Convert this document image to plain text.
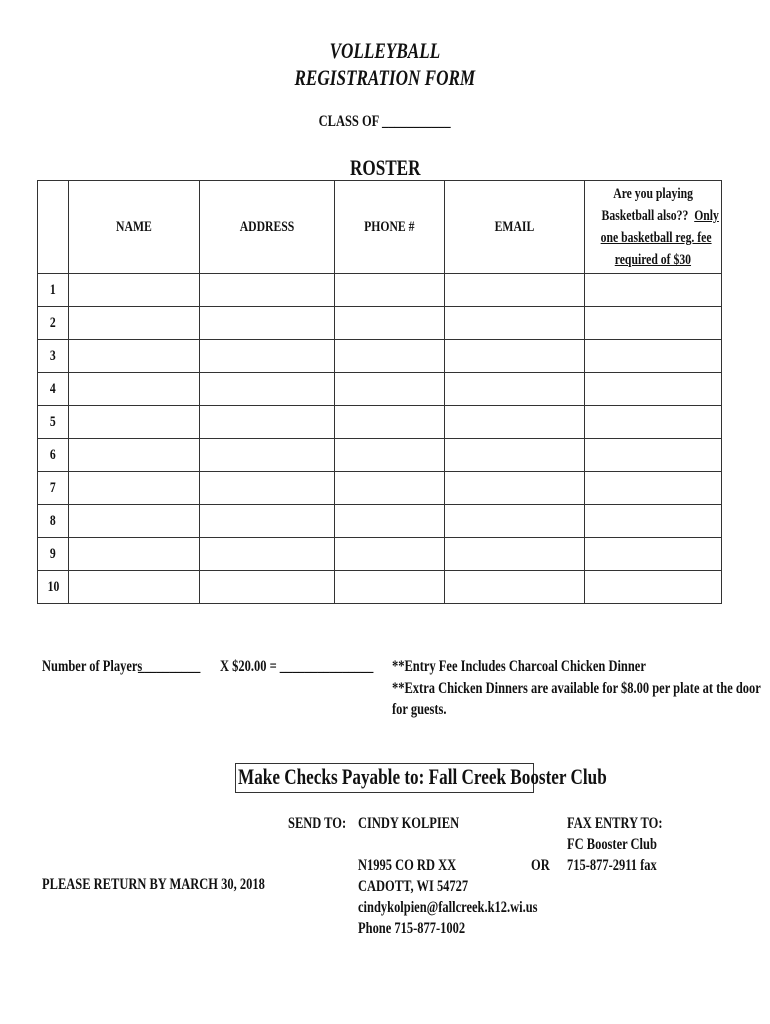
VOLLEYBALL
REGISTRATION FORM
CLASS OF ___________
ROSTER
	NAME	ADDRESS	PHONE #	EMAIL	Are you playing
Basketball also?? Only
one basketball reg. fee
required of $30

1					
2					
3					
4					
5					
6					
7					
8					
9					
10					
Number of Players
__________	X $20.00 = _______________	**Entry Fee Includes Charcoal Chicken Dinner
**Extra Chicken Dinners are available for $8.00 per plate at the door
for guests.
Make Checks Payable to: Fall Creek Booster Club
SEND TO: CINDY KOLPIEN
N1995 CO RD XX
CADOTT, WI 54727
cindykolpien@fallcreek.k12.wi.us
Phone 715-877-1002
OR
FAX ENTRY TO:
FC Booster Club
715-877-2911 fax
PLEASE RETURN BY MARCH 30, 2018
